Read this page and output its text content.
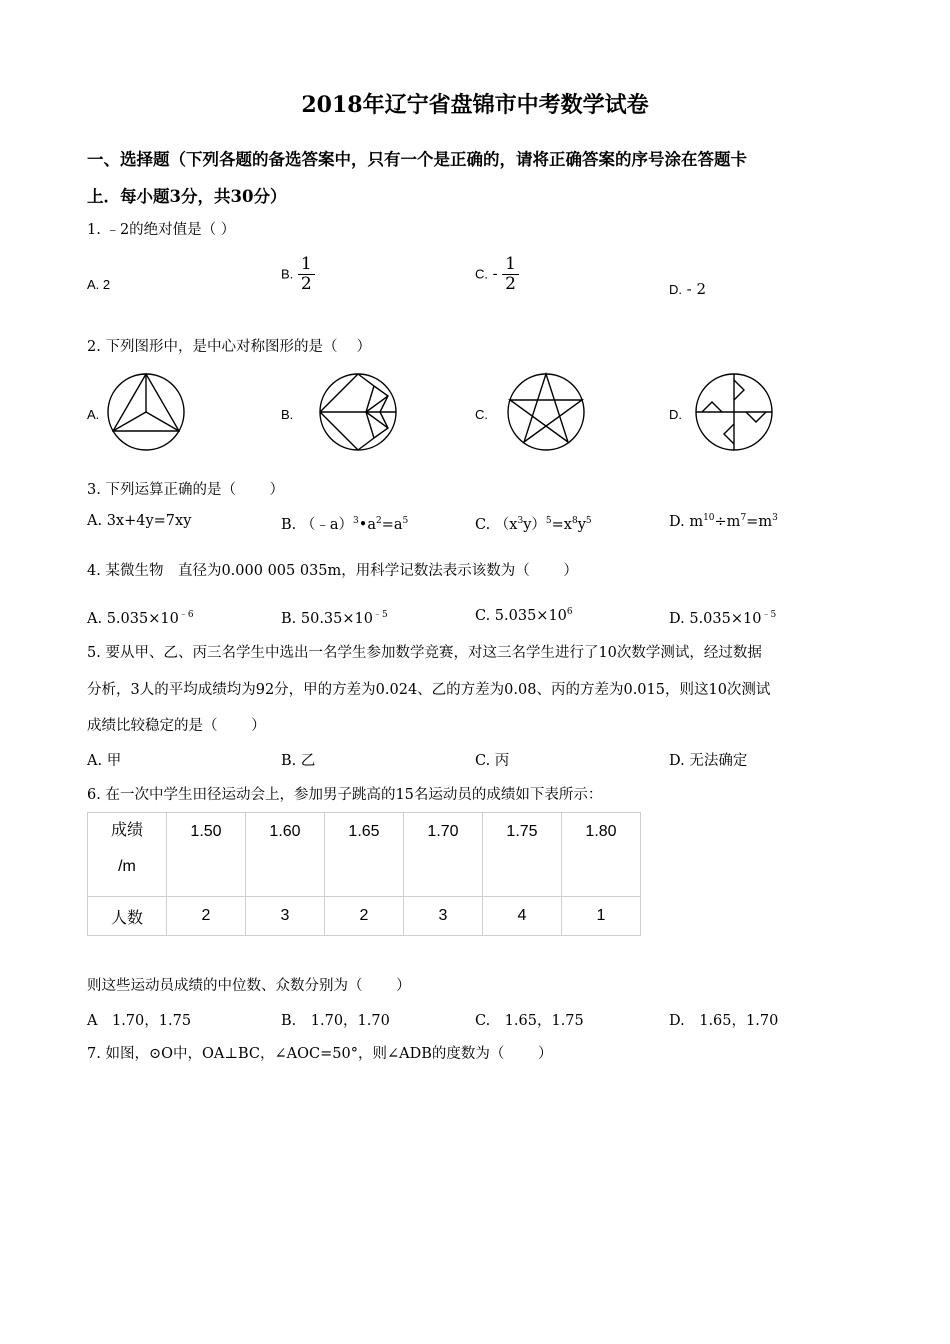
2018年辽宁省盘锦市中考数学试卷
一、选择题（下列各题的备选答案中，只有一个是正确的，请将正确答案的序号涂在答题卡
上．每小题3分，共30分）
1. ﹣2的绝对值是（ ）
A. 2
B. $\frac{1}{2}$	C. - $\frac{1}{2}$	D. - 2
2. 下列图形中，是中心对称图形的是（　 ）
A.	B.	C.	D.
3. 下列运算正确的是（　　 ）
A. 3x+4y=7xy	B. $(﹣a)^3•a^2=a^5$	C. $(x^3y)^5=x^8y^5$	D. $m^{10}\div m^7=m^3$
4. 某微生物　直径为0.000 005 035m，用科学记数法表示该数为（　　 ）
A. $5.035\times 10^{﹣6}$	B. $50.35\times 10^{﹣5}$	C. $5.035\times 10^6$	D. $5.035\times 10^{﹣5}$
5. 要从甲、乙、丙三名学生中选出一名学生参加数学竞赛，对这三名学生进行了10次数学测试，经过数据
分析，3人的平均成绩均为92分，甲的方差为0.024、乙的方差为0.08、丙的方差为0.015，则这10次测试
成绩比较稳定的是（　　 ）
A. 甲	B. 乙	C. 丙	D. 无法确定
6. 在一次中学生田径运动会上，参加男子跳高的15名运动员的成绩如下表所示：
成绩
/m	1.50	1.60	1.65	1.70	1.75	1.80
人数	2	3	2	3	4	1
则这些运动员成绩的中位数、众数分别为（　　 ）
A　1.70，1.75	B.　1.70，1.70	C.　1.65，1.75	D.　1.65，1.70
7. 如图，⊙O中，OA⊥BC，∠AOC=50°，则∠ADB的度数为（　　 ）
